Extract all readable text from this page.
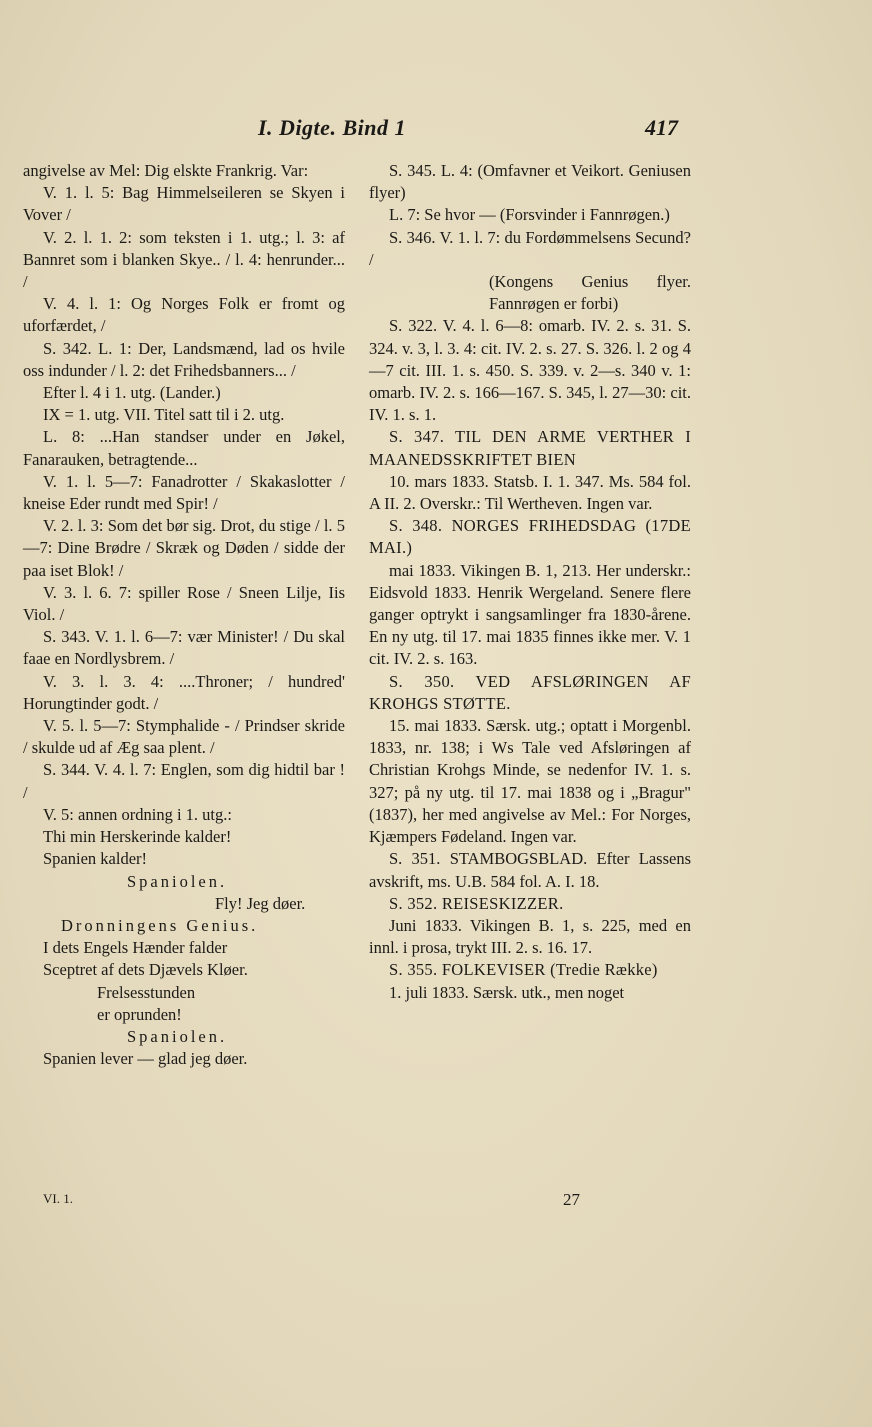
I. Digte. Bind 1	417

angivelse av Mel: Dig elskte Frankrig. Var:

V. 1. l. 5: Bag Himmelseileren se Skyen i Vover /

V. 2. l. 1. 2: som teksten i 1. utg.; l. 3: af Bannret som i blanken Skye.. / l. 4: henrunder... /

V. 4. l. 1: Og Norges Folk er fromt og uforfærdet, /

S. 342. L. 1: Der, Landsmænd, lad os hvile oss indunder / l. 2: det Frihedsbanners... /

Efter l. 4 i 1. utg. (Lander.)

IX = 1. utg. VII. Titel satt til i 2. utg.

L. 8: ...Han standser under en Jøkel, Fanarauken, betragtende...

V. 1. l. 5—7: Fanadrotter / Skakaslotter / kneise Eder rundt med Spir! /

V. 2. l. 3: Som det bør sig. Drot, du stige / l. 5—7: Dine Brødre / Skræk og Døden / sidde der paa iset Blok! /

V. 3. l. 6. 7: spiller Rose / Sneen Lilje, Iis Viol. /

S. 343. V. 1. l. 6—7: vær Minister! / Du skal faae en Nordlysbrem. /

V. 3. l. 3. 4: ....Throner; / hundred' Horungtinder godt. /

V. 5. l. 5—7: Stymphalide - / Prindser skride / skulde ud af Æg saa plent. /

S. 344. V. 4. l. 7: Englen, som dig hidtil bar ! /

V. 5: annen ordning i 1. utg.:

Thi min Herskerinde kalder!
Spanien kalder!
Spaniolen.
Fly! Jeg døer.
Dronningens Genius.
I dets Engels Hænder falder
Sceptret af dets Djævels Kløer.
Frelsesstunden
er oprunden!
Spaniolen.
Spanien lever — glad jeg døer.

S. 345. L. 4: (Omfavner et Veikort. Geniusen flyer)

L. 7: Se hvor — (Forsvinder i Fannrøgen.)

S. 346. V. 1. l. 7: du Fordømmelsens Secund? /

(Kongens Genius flyer. Fannrøgen er forbi)

S. 322. V. 4. l. 6—8: omarb. IV. 2. s. 31. S. 324. v. 3, l. 3. 4: cit. IV. 2. s. 27. S. 326. l. 2 og 4—7 cit. III. 1. s. 450. S. 339. v. 2—s. 340 v. 1: omarb. IV. 2. s. 166—167. S. 345, l. 27—30: cit. IV. 1. s. 1.

S. 347. TIL DEN ARME VERTHER I MAANEDSSKRIFTET BIEN

10. mars 1833. Statsb. I. 1. 347. Ms. 584 fol. A II. 2. Overskr.: Til Wertheven. Ingen var.

S. 348. NORGES FRIHEDSDAG (17DE MAI.)

mai 1833. Vikingen B. 1, 213. Her underskr.: Eidsvold 1833. Henrik Wergeland. Senere flere ganger optrykt i sangsamlinger fra 1830-årene. En ny utg. til 17. mai 1835 finnes ikke mer. V. 1 cit. IV. 2. s. 163.

S. 350. VED AFSLØRINGEN AF KROHGS STØTTE.

15. mai 1833. Særsk. utg.; optatt i Morgenbl. 1833, nr. 138; i Ws Tale ved Afsløringen af Christian Krohgs Minde, se nedenfor IV. 1. s. 327; på ny utg. til 17. mai 1838 og i „Bragur" (1837), her med angivelse av Mel.: For Norges, Kjæmpers Fødeland. Ingen var.

S. 351. STAMBOGSBLAD. Efter Lassens avskrift, ms. U.B. 584 fol. A. I. 18.

S. 352. REISESKIZZER.

Juni 1833. Vikingen B. 1, s. 225, med en innl. i prosa, trykt III. 2. s. 16. 17.

S. 355. FOLKEVISER (Tredie Række)

1. juli 1833. Særsk. utk., men noget

VI. 1.	27
